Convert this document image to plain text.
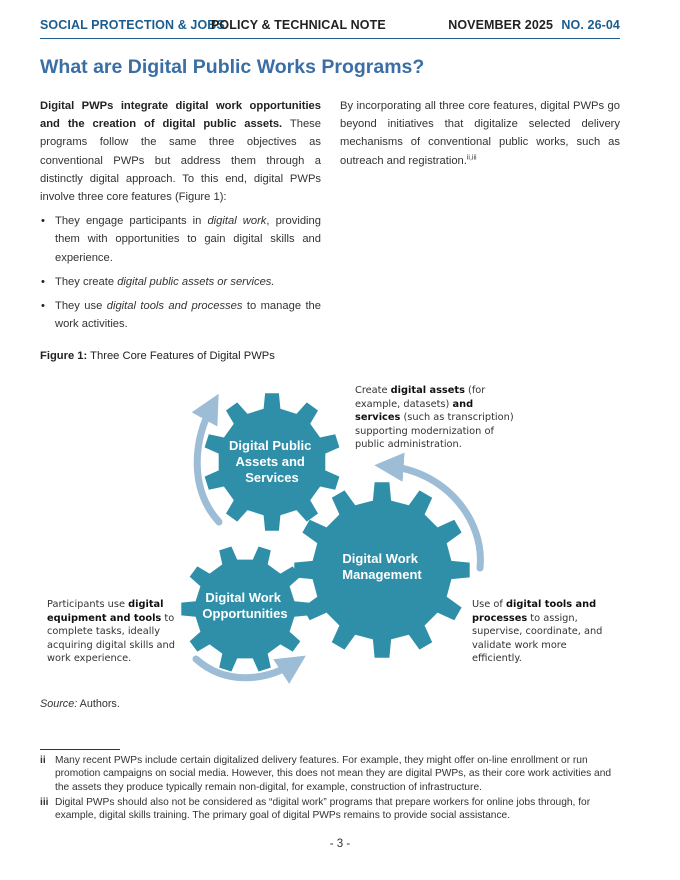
SOCIAL PROTECTION & JOBS
POLICY & TECHNICAL NOTE	NOVEMBER 2025 NO. 26-04
What are Digital Public Works Programs?

Digital PWPs integrate digital work opportunities and the creation of digital public assets. These programs follow the same three objectives as conventional PWPs but address them through a distinctly digital approach. To this end, digital PWPs involve three core features (Figure 1):

• They engage participants in digital work, providing them with opportunities to gain digital skills and experience.
• They create digital public assets or services.
• They use digital tools and processes to manage the work activities.

By incorporating all three core features, digital PWPs go beyond initiatives that digitalize selected delivery mechanisms of conventional public works, such as outreach and registration.$^{ii,iii}$

Figure 1: Three Core Features of Digital PWPs
Digital Public Assets and Services
Digital Work Management
Digital Work Opportunities
Create digital assets (for example, datasets) and services (such as transcription) supporting modernization of public administration.
Participants use digital equipment and tools to complete tasks, ideally acquiring digital skills and work experience.
Use of digital tools and processes to assign, supervise, coordinate, and validate work more efficiently.
Source: Authors.
ii Many recent PWPs include certain digitalized delivery features. For example, they might offer on-line enrollment or run promotion campaigns on social media. However, this does not mean they are digital PWPs, as their core work activities and the assets they produce typically remain non-digital, for example, construction of infrastructure.
iii Digital PWPs should also not be considered as “digital work” programs that prepare workers for online jobs through, for example, digital skills training. The primary goal of digital PWPs remains to provide social assistance.
- 3 -
